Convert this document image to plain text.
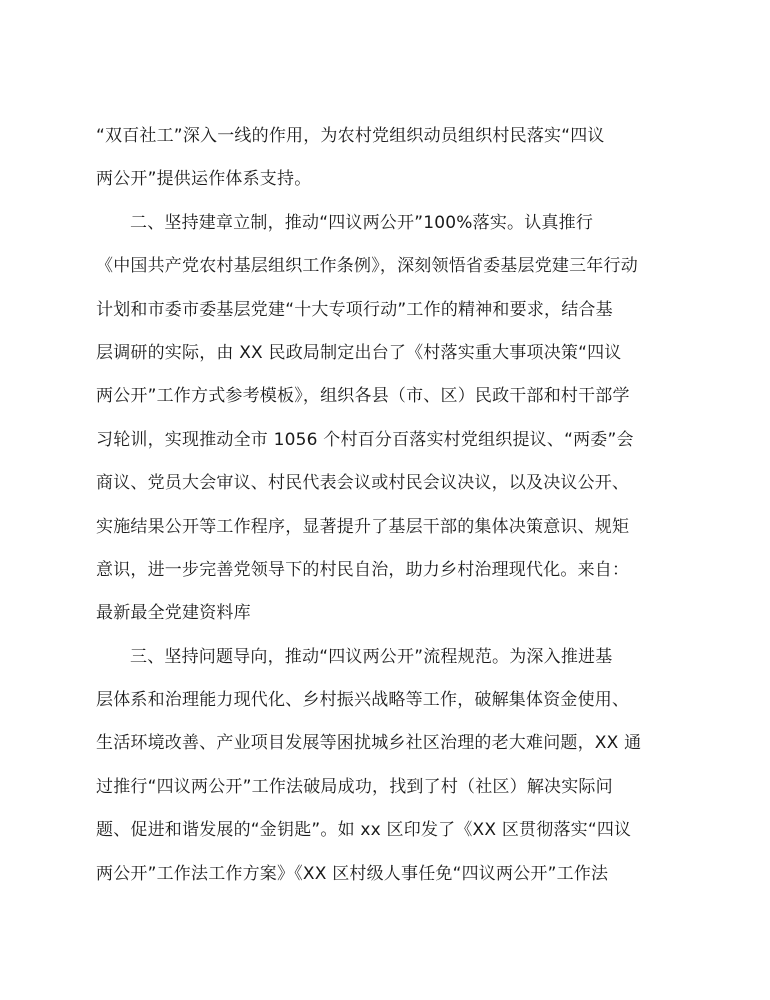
“双百社工”深入一线的作用，为农村党组织动员组织村民落实“四议
两公开”提供运作体系支持。
二、坚持建章立制，推动“四议两公开”100%落实。认真推行
《中国共产党农村基层组织工作条例》，深刻领悟省委基层党建三年行动
计划和市委市委基层党建“十大专项行动”工作的精神和要求，结合基
层调研的实际，由 XX 民政局制定出台了《村落实重大事项决策“四议
两公开”工作方式参考模板》，组织各县（市、区）民政干部和村干部学
习轮训，实现推动全市 1056 个村百分百落实村党组织提议、“两委”会
商议、党员大会审议、村民代表会议或村民会议决议，以及决议公开、
实施结果公开等工作程序，显著提升了基层干部的集体决策意识、规矩
意识，进一步完善党领导下的村民自治，助力乡村治理现代化。来自：
最新最全党建资料库
三、坚持问题导向，推动“四议两公开”流程规范。为深入推进基
层体系和治理能力现代化、乡村振兴战略等工作，破解集体资金使用、
生活环境改善、产业项目发展等困扰城乡社区治理的老大难问题，XX 通
过推行“四议两公开”工作法破局成功，找到了村（社区）解决实际问
题、促进和谐发展的“金钥匙”。如 xx 区印发了《XX 区贯彻落实“四议
两公开”工作法工作方案》《XX 区村级人事任免“四议两公开”工作法
